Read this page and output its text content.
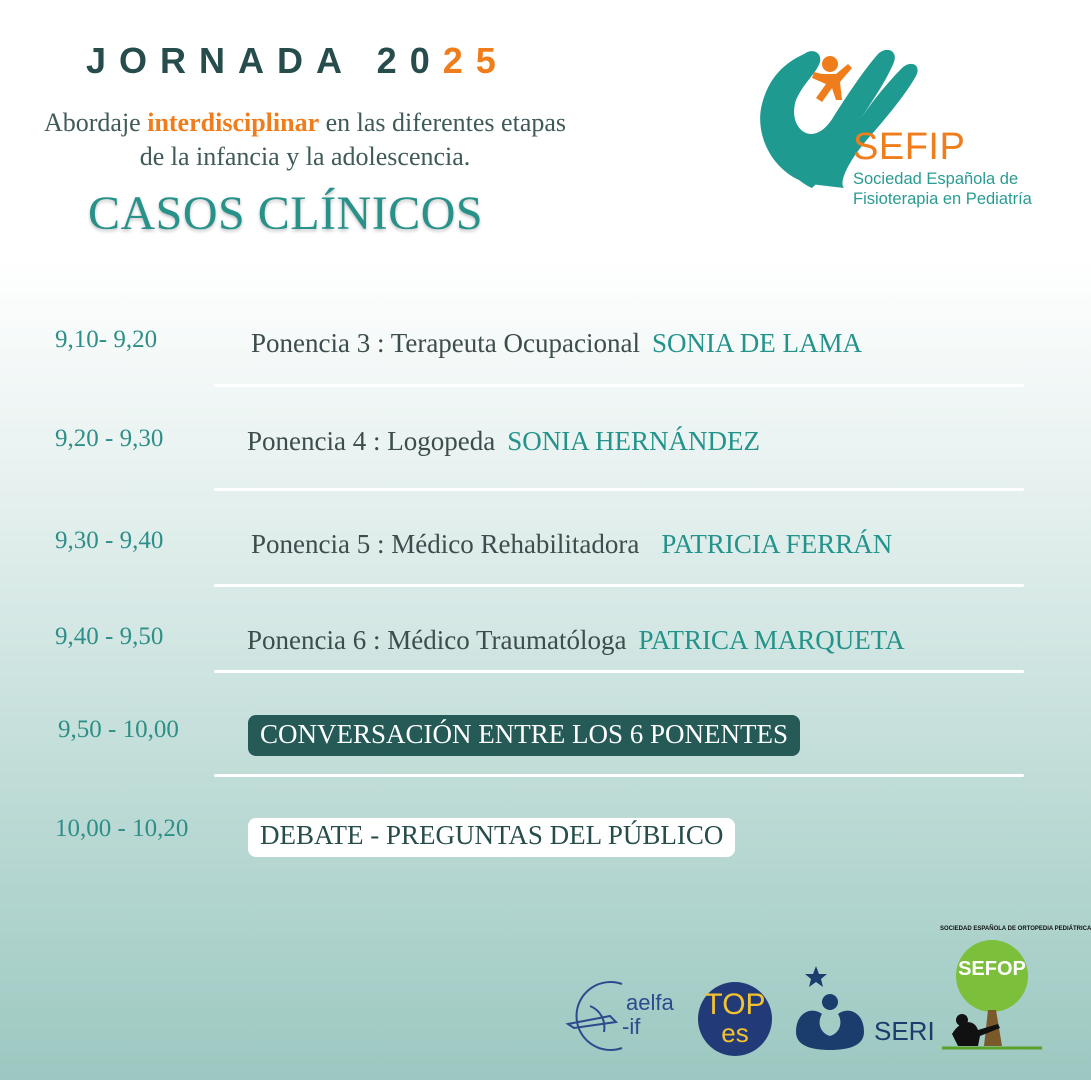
JORNADA 2025
Abordaje interdisciplinar en las diferentes etapas de la infancia y la adolescencia.
CASOS CLÍNICOS
SEFIP
Sociedad Española de
Fisioterapia en Pediatría
9,10- 9,20	Ponencia 3 : Terapeuta Ocupacional SONIA DE LAMA
9,20 - 9,30	Ponencia 4 : Logopeda SONIA HERNÁNDEZ
9,30 - 9,40	Ponencia 5 : Médico Rehabilitadora PATRICIA FERRÁN
9,40 - 9,50	Ponencia 6 : Médico Traumatóloga PATRICA MARQUETA
9,50 - 10,00	CONVERSACIÓN ENTRE LOS 6 PONENTES
10,00 - 10,20	DEBATE - PREGUNTAS DEL PÚBLICO
aelfa
-if
TOP
es	SERI
SEFOP
SOCIEDAD ESPAÑOLA DE ORTOPEDIA PEDIÁTRICA
